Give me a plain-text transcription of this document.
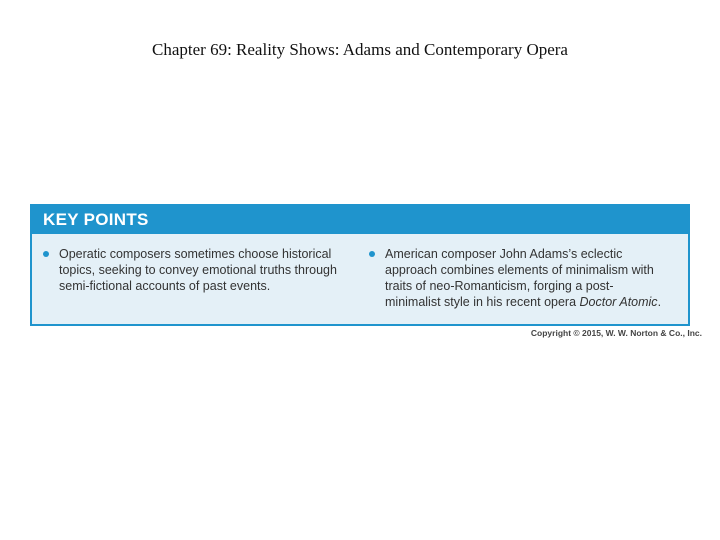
Chapter 69: Reality Shows: Adams and Contemporary Opera
KEY POINTS
Operatic composers sometimes choose historical topics, seeking to convey emotional truths through semi-fictional accounts of past events.
American composer John Adams’s eclectic approach combines elements of minimalism with traits of neo-Romanticism, forging a post-minimalist style in his recent opera Doctor Atomic.
Copyright © 2015, W. W. Norton & Co., Inc.
